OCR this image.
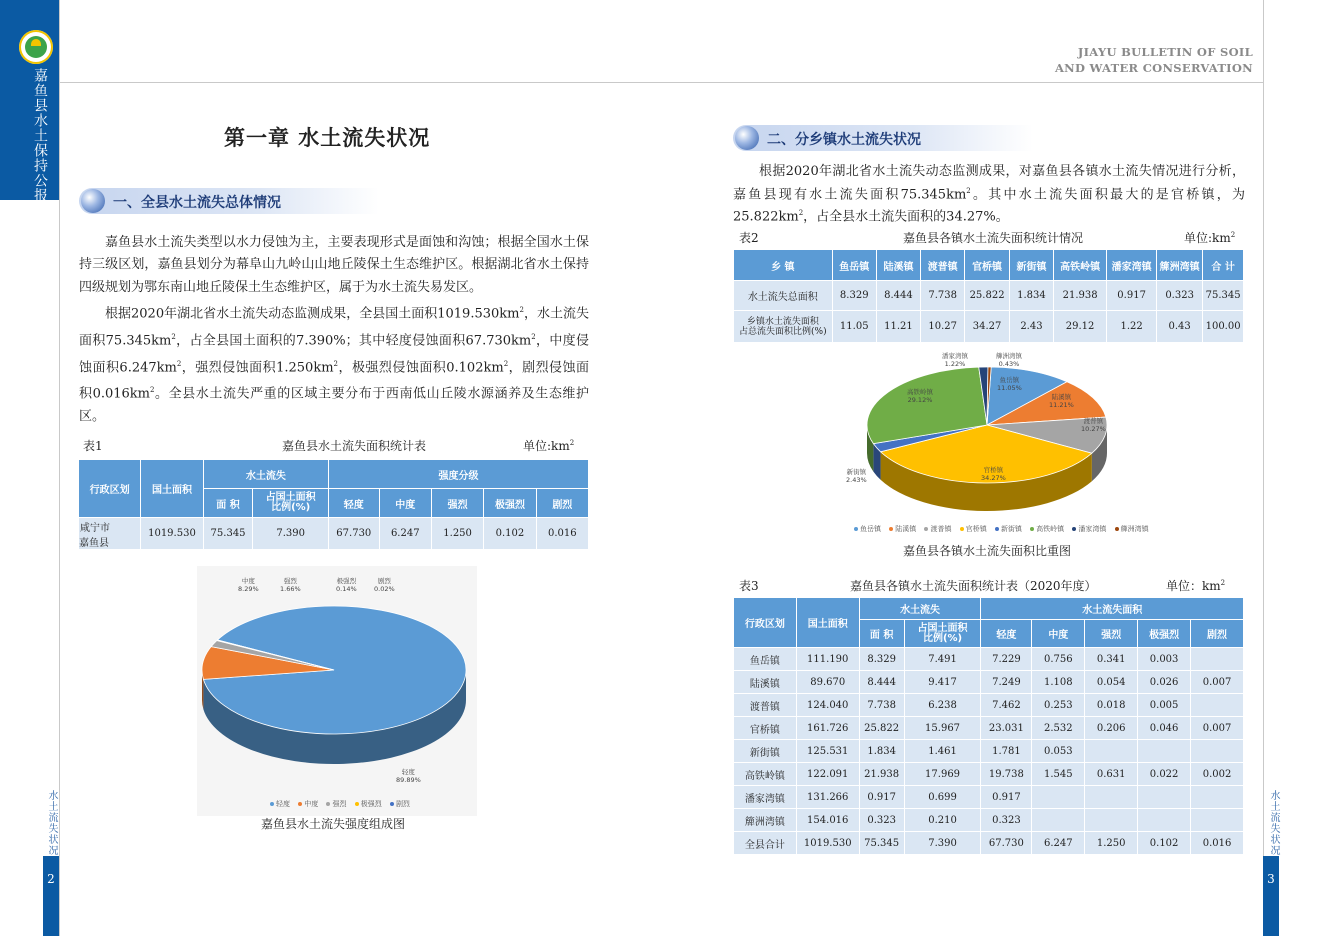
嘉鱼县水土保持公报
JIAYU BULLETIN OF SOIL
AND WATER CONSERVATION
第一章 水土流失状况
一、全县水土流失总体情况

嘉鱼县水土流失类型以水力侵蚀为主，主要表现形式是面蚀和沟蚀；根据全国水土保持三级区划，嘉鱼县划分为幕阜山九岭山山地丘陵保土生态维护区。根据湖北省水土保持四级规划为鄂东南山地丘陵保土生态维护区，属于为水土流失易发区。

根据2020年湖北省水土流失动态监测成果，全县国土面积$1019.530km^2$，水土流失面积$75.345km^2$，占全县国土面积的7.390%；其中轻度侵蚀面积$67.730km^2$，中度侵蚀面积$6.247km^2$，强烈侵蚀面积$1.250km^2$，极强烈侵蚀面积$0.102km^2$，剧烈侵蚀面积$0.016km^2$。全县水土流失严重的区域主要分布于西南低山丘陵水源涵养及生态维护区。

表1	嘉鱼县水土流失面积统计表	单位$:km^2$
行政区划	国土面积	水土流失		强度分级				
		面 积	占国土面积
比例(%)	轻度	中度	强烈	极强烈	剧烈
咸宁市嘉鱼县	1019.530	75.345	7.390	67.730	6.247	1.250	0.102	0.016
中度
8.29%
强烈
1.66%
极强烈
0.14%
剧烈
0.02%
轻度
89.89%
轻度 中度 强烈 极强烈 剧烈
嘉鱼县水土流失强度组成图
二、分乡镇水土流失状况

根据2020年湖北省水土流失动态监测成果，对嘉鱼县各镇水土流失情况进行分析，嘉鱼县现有水土流失面积$75.345km^2$。其中水土流失面积最大的是官桥镇，为$25.822km^2$，占全县水土流失面积的34.27%。

表2	嘉鱼县各镇水土流失面积统计情况	单位$:km^2$
乡 镇	鱼岳镇	陆溪镇	渡普镇	官桥镇	新街镇	高铁岭镇	潘家湾镇	簰洲湾镇	合 计
水土流失总面积	8.329	8.444	7.738	25.822	1.834	21.938	0.917	0.323	75.345
乡镇水土流失面积
占总流失面积比例(%)	11.05	11.21	10.27	34.27	2.43	29.12	1.22	0.43	100.00
潘家湾镇
1.22%
簰洲湾镇
0.43%
鱼岳镇
11.05%
高铁岭镇
29.12%	陆溪镇
11.21%
渡普镇
10.27%
官桥镇
34.27%
新街镇
2.43%
鱼岳镇 陆溪镇 渡普镇 官桥镇 新街镇 高铁岭镇 潘家湾镇 簰洲湾镇
嘉鱼县各镇水土流失面积比重图
表3	嘉鱼县各镇水土流失面积统计表（2020年度）	单位：$km^2$
行政区划	国土面积	水土流失		水土流失面积				
		面 积	占国土面积
比例(%)	轻度	中度	强烈	极强烈	剧烈
鱼岳镇	111.190	8.329	7.491	7.229	0.756	0.341	0.003	
陆溪镇	89.670	8.444	9.417	7.249	1.108	0.054	0.026	0.007
渡普镇	124.040	7.738	6.238	7.462	0.253	0.018	0.005	
官桥镇	161.726	25.822	15.967	23.031	2.532	0.206	0.046	0.007
新街镇	125.531	1.834	1.461	1.781	0.053			
高铁岭镇	122.091	21.938	17.969	19.738	1.545	0.631	0.022	0.002
潘家湾镇	131.266	0.917	0.699	0.917				
簰洲湾镇	154.016	0.323	0.210	0.323				
全县合计	1019.530	75.345	7.390	67.730	6.247	1.250	0.102	0.016
水土流失状况
2
水土流失状况
3
